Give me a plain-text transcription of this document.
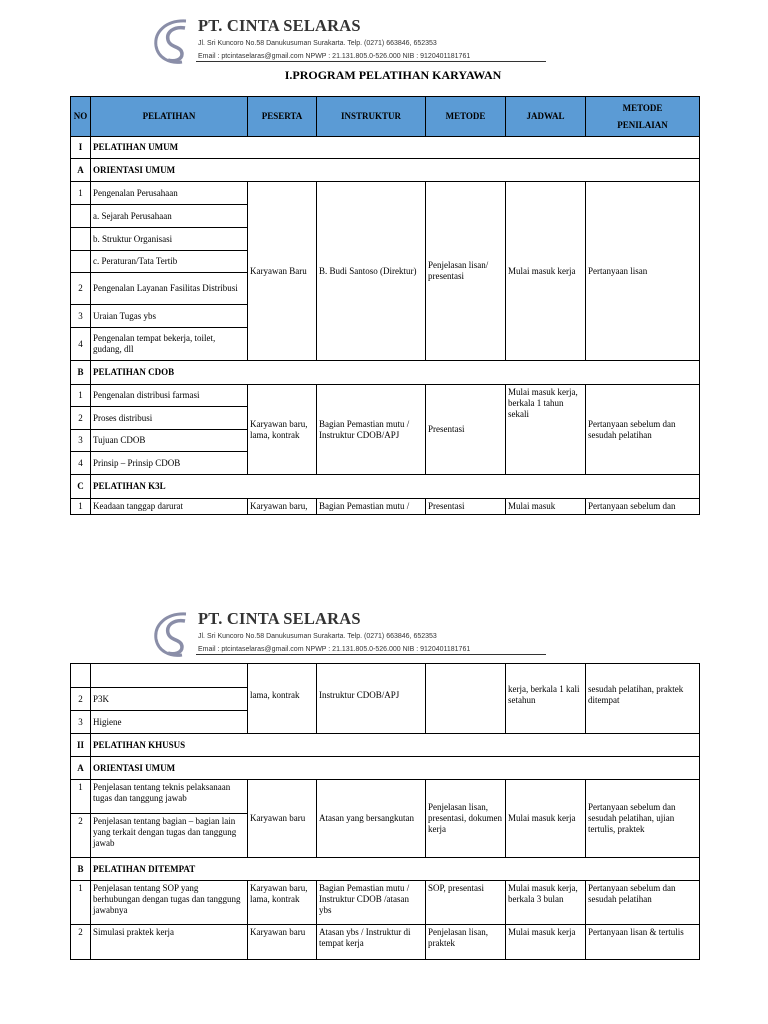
PT. CINTA SELARAS
Jl. Sri Kuncoro No.58 Danukusuman Surakarta. Telp. (0271) 663846, 652353
Email : ptcintaselaras@gmail.com NPWP : 21.131.805.0-526.000 NIB : 9120401181761
I.PROGRAM PELATIHAN KARYAWAN
NO	PELATIHAN	PESERTA	INSTRUKTUR	METODE	JADWAL	METODE
PENILAIAN
I	PELATIHAN UMUM					
A	ORIENTASI UMUM					
1	Pengenalan Perusahaan	Karyawan Baru	B. Budi Santoso (Direktur)	Penjelasan lisan/ presentasi	Mulai masuk kerja	Pertanyaan lisan
	a. Sejarah Perusahaan					
	b. Struktur Organisasi					
	c. Peraturan/Tata Tertib					
2	Pengenalan Layanan Fasilitas Distribusi					
3	Uraian Tugas ybs					
4	Pengenalan tempat bekerja, toilet, gudang, dll					
B	PELATIHAN CDOB					
1	Pengenalan distribusi farmasi	Karyawan baru, lama, kontrak	Bagian Pemastian mutu / Instruktur CDOB/APJ	Presentasi	Mulai masuk kerja, berkala 1 tahun sekali	Pertanyaan sebelum dan sesudah pelatihan
2	Proses distribusi					
3	Tujuan CDOB					
4	Prinsip – Prinsip CDOB					
C	PELATIHAN K3L					
1	Keadaan tanggap darurat	Karyawan baru,	Bagian Pemastian mutu /	Presentasi	Mulai masuk	Pertanyaan sebelum dan
PT. CINTA SELARAS
Jl. Sri Kuncoro No.58 Danukusuman Surakarta. Telp. (0271) 663846, 652353
Email : ptcintaselaras@gmail.com NPWP : 21.131.805.0-526.000 NIB : 9120401181761
		lama, kontrak	Instruktur CDOB/APJ		kerja, berkala 1 kali setahun	sesudah pelatihan, praktek ditempat
2	P3K					
3	Higiene					
II	PELATIHAN KHUSUS					
A	ORIENTASI UMUM					
1	Penjelasan tentang teknis pelaksanaan tugas dan tanggung jawab	Karyawan baru	Atasan yang bersangkutan	Penjelasan lisan, presentasi, dokumen kerja	Mulai masuk kerja	Pertanyaan sebelum dan sesudah pelatihan, ujian tertulis, praktek
2	Penjelasan tentang bagian – bagian lain yang terkait dengan tugas dan tanggung jawab					
B	PELATIHAN DITEMPAT					
1	Penjelasan tentang SOP yang berhubungan dengan tugas dan tanggung jawabnya	Karyawan baru, lama, kontrak	Bagian Pemastian mutu / Instruktur CDOB /atasan ybs	SOP, presentasi	Mulai masuk kerja, berkala 3 bulan	Pertanyaan sebelum dan sesudah pelatihan
2	Simulasi praktek kerja	Karyawan baru	Atasan ybs / Instruktur di tempat kerja	Penjelasan lisan, praktek	Mulai masuk kerja	Pertanyaan lisan & tertulis
